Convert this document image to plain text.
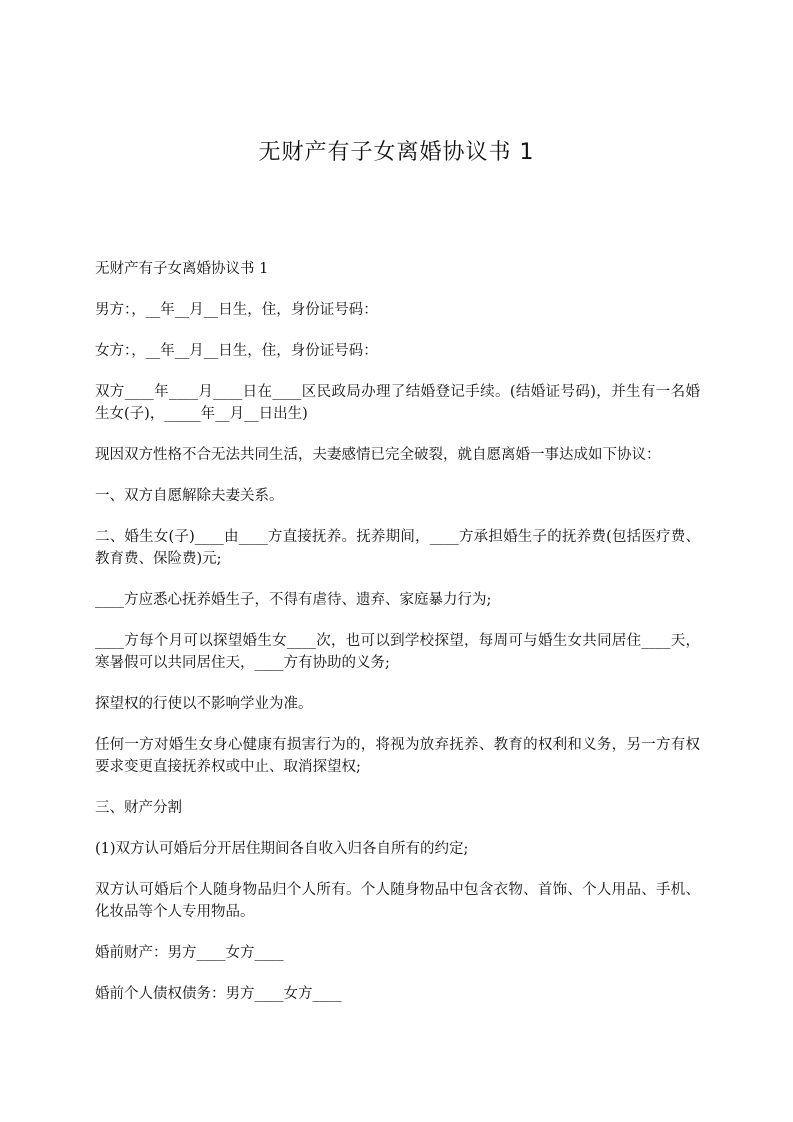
无财产有子女离婚协议书 1

无财产有子女离婚协议书 1

男方：，__年__月__日生，住，身份证号码：

女方：，__年__月__日生，住，身份证号码：

双方____年____月____日在____区民政局办理了结婚登记手续。(结婚证号码)，并生有一名婚生女(子)，_____年__月__日出生)

现因双方性格不合无法共同生活，夫妻感情已完全破裂，就自愿离婚一事达成如下协议：

一、双方自愿解除夫妻关系。

二、婚生女(子)____由____方直接抚养。抚养期间，____方承担婚生子的抚养费(包括医疗费、教育费、保险费)元;

____方应悉心抚养婚生子，不得有虐待、遗弃、家庭暴力行为;

____方每个月可以探望婚生女____次，也可以到学校探望，每周可与婚生女共同居住____天，寒暑假可以共同居住天，____方有协助的义务;

探望权的行使以不影响学业为准。

任何一方对婚生女身心健康有损害行为的，将视为放弃抚养、教育的权利和义务，另一方有权要求变更直接抚养权或中止、取消探望权;

三、财产分割

(1)双方认可婚后分开居住期间各自收入归各自所有的约定;

双方认可婚后个人随身物品归个人所有。个人随身物品中包含衣物、首饰、个人用品、手机、化妆品等个人专用物品。

婚前财产：男方____女方____

婚前个人债权债务：男方____女方____
